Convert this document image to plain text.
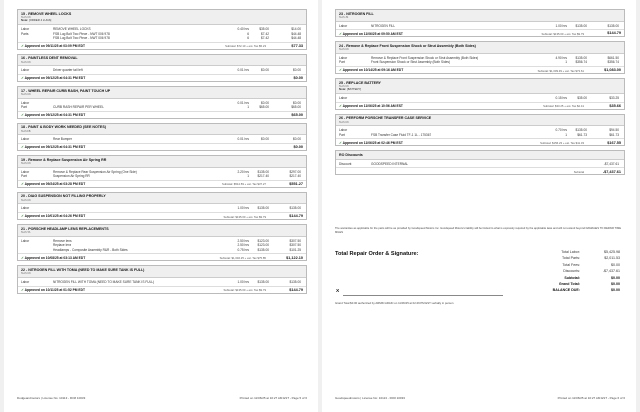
15 - REMOVE WHEEL LOCKS
Tech:CK
Note: [ORDER 4 LUGS]
Labor	REMOVE WHEEL LOCKS	0.40 hrs	$35.00	$14.00
Parts	FSB Lug Bolt Two Piece - NWT 006 978	6	$7.42	$44.48
FSB Lug Bolt Two Piece - NWT 006 978	6	$7.42	$44.48
✓ Approved on 09/11/25 at 03:09 PM EDT	Subtotal: $72.10 + est. Tax $5.23	$77.33
16 - PAINTLESS DENT REMOVAL
Tech:CK
Labor	Driver quarter tail left	0.01 hrs	$0.00	$0.00
✓ Approved on 09/12/25 at 04:31 PM EDT	$0.00
17 - WHEEL REPAIR CURB RASH, PAINT TOUCH UP
Tech:CK
Labor	0.01 hrs	$0.00	$0.00
Part	CURB RASH REPAIR PER WHEEL	1	$65.00	$65.00
✓ Approved on 09/12/25 at 04:31 PM EDT	$65.00
18 - PAINT & BODY WORK NEEDED (SEE NOTES)
Tech:FB
Labor	Rear Bumper	0.01 hrs	$0.00	$0.00
✓ Approved on 09/12/25 at 04:31 PM EDT	$0.00
19 - Remove & Replace Suspension Air Spring RR
Tech:CK
Labor	Remove & Replace Rear Suspension Air Spring (One Side)	2.20 hrs	$135.00	$297.00
Part	Suspension Air Spring RR	1	$217.40	$217.40
✓ Approved on 09/24/25 at 03:28 PM EDT	Subtotal: $514.59 + est. Tax $37.27	$551.27
20 - DIAG SUSPENSION NOT FILLING PROPERLY
Tech:CK
Labor	1.00 hrs	$135.00	$135.00
✓ Approved on 10/01/25 at 04:26 PM EDT	Subtotal: $135.00 + est. Tax $9.79	$144.79
21 - PORSCHE HEADLAMP LENS REPLACEMENTS
Tech:TA
Labor	Remove lens	2.50 hrs	$123.00	$307.50
Replace lens	2.50 hrs	$123.00	$307.50
Headlamps - Composite Assembly R&R - Both Sides	0.75 hrs	$135.00	$101.25
✓ Approved on 10/08/25 at 03:13 AM EDT	Subtotal: $1,046.25 + est. Tax $75.85	$1,122.10
22 - NITROGEN FILL WITH TOMA (NEED TO MAKE SURE TANK IS FULL)
Tech:CK
Labor	NITROGEN FILL WITH TOMA (NEED TO MAKE SURE TANK IS FULL)	1.00 hrs	$135.00	$135.00
✓ Approved on 10/11/25 at 01:52 PM EDT	Subtotal: $135.00 + est. Tax $9.79	$144.79
Dodgeandmotors | License No: 10113 - RO# 10033	Printed on 11/06/25 at 10:27 AM EST - Page 5 of 6
The warranties as applicable for the parts will be as provided by Goodspeed Motors Inc. Goodspeed Motors's liability will be limited to what is expressly required by the applicable laws and will not extend beyond DAMAGES TO REPAIR TIME MILES
Total Repair Order & Signature:	Total Labor:	$5,425.98
Total Parts:	$2,011.53
Total Fees:	$0.00
Discounts:	-$7,437.61
Subtotal:	$0.00
Grand Total:	$0.00
BALANCE DUE:	$0.00
X
Grand Total $0.00 authorized by ARMIN ARAKI on 11/06/25 at 02:49 PM EST verbally in person
23 - NITROGEN FILL
Tech:JS
Labor	NITROGEN FILL	1.00 hrs	$135.00	$135.00
✓ Approved on 11/06/25 at 09:50 AM EST	Subtotal: $135.00 + est. Tax $9.79	$144.79
24 - Remove & Replace Front Suspension Shock or Strut Assembly (Both Sides)
Tech:CK
Labor	Remove & Replace Front Suspension Shock or Strut Assembly (Both Sides)	4.90 hrs	$135.00	$661.50
Part	Front Suspension Shock or Strut Assembly (Both Sides)	1	$356.74	$356.74
✓ Approved on 10/14/25 at 09:16 AM EDT	Subtotal: $1,009.39 + est. Tax $73.61	$1,083.00
25 - REPLACE BATTERY
Tech:CK
Note: [BATTERY]
Labor	0.15 hrs	$35.00	$33.25
✓ Approved on 11/06/25 at 10:56 AM EST	Subtotal: $33.25 + est. Tax $2.41	$35.66
26 - PERFORM PORSCHE TRANSFER CASE SERVICE
Tech:CK
Labor	0.70 hrs	$135.00	$94.50
Part	FSB Transfer Case Fluid TF-1 1L - 175367	1	$61.73	$61.73
✓ Approved on 11/06/25 at 02:46 PM EST	Subtotal: $156.23 + est. Tax $11.33	$167.55
RO Discounts
Discount	GOODSPEED INTERNAL	-$7,437.61
Subtotal	-$7,437.61
Goodspeedmotors | License No: 10113 - RO# 10033	Printed on 11/06/25 at 10:27 AM EST - Page 6 of 6
